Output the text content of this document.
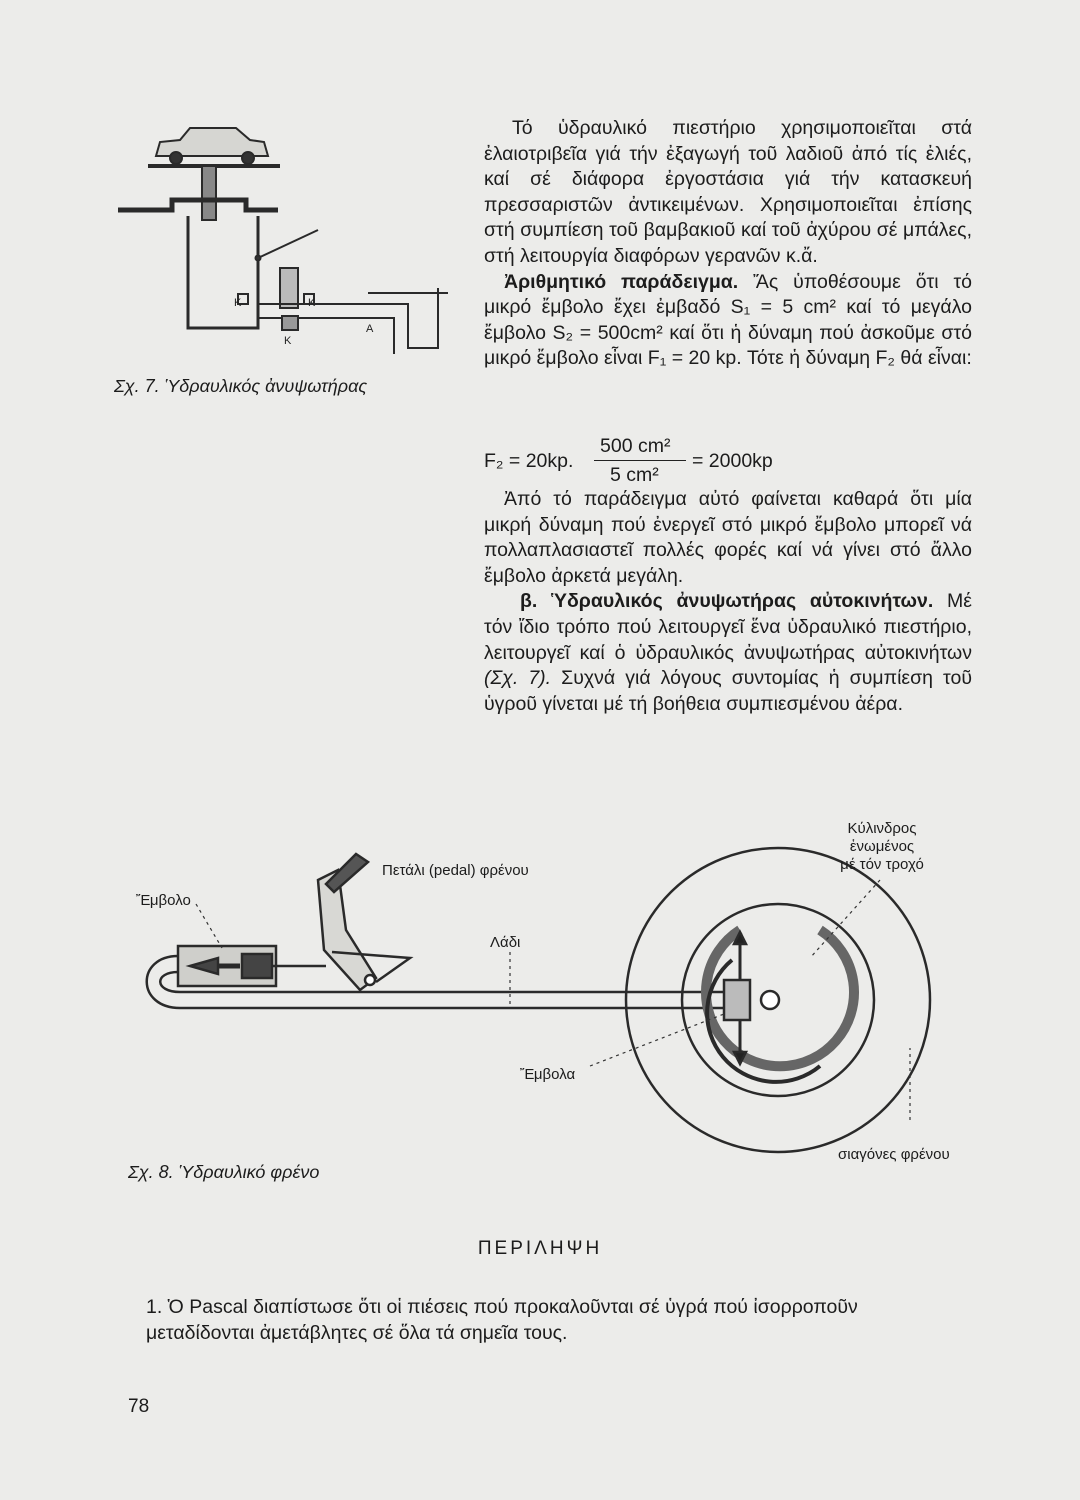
K	K
K
A
Σχ. 7. Ὑδραυλικός ἀνυψωτήρας

Τό ὑδραυλικό πιεστήριο χρησιμοποιεῖται στά ἐλαιοτριβεῖα γιά τήν ἐξαγωγή τοῦ λαδιοῦ ἀπό τίς ἐλιές, καί σέ διάφορα ἐργοστάσια γιά τήν κατασκευή πρεσσαριστῶν ἀντικειμένων. Χρησιμοποιεῖται ἐπίσης στή συμπίεση τοῦ βαμβακιοῦ καί τοῦ ἀχύρου σέ μπάλες, στή λειτουργία διαφόρων γερανῶν κ.ἄ.

Ἀριθμητικό παράδειγμα. Ἄς ὑποθέσουμε ὅτι τό μικρό ἔμβολο ἔχει ἐμβαδό S₁ = 5 cm² καί τό μεγάλο ἔμβολο S₂ = 500cm² καί ὅτι ἡ δύναμη πού ἀσκοῦμε στό μικρό ἔμβολο εἶναι F₁ = 20 kp. Τότε ἡ δύναμη F₂ θά εἶναι:

F₂ = 20kp.
500 cm²
5 cm²
= 2000kp

Ἀπό τό παράδειγμα αὐτό φαίνεται καθαρά ὅτι μία μικρή δύναμη πού ἐνεργεῖ στό μικρό ἔμβολο μπορεῖ νά πολλαπλασιαστεῖ πολλές φορές καί νά γίνει στό ἄλλο ἔμβολο ἀρκετά μεγάλη.

β. Ὑδραυλικός ἀνυψωτήρας αὐτοκινήτων. Μέ τόν ἴδιο τρόπο πού λειτουργεῖ ἕνα ὑδραυλικό πιεστήριο, λειτουργεῖ καί ὁ ὑδραυλικός ἀνυψωτήρας αὐτοκινήτων (Σχ. 7). Συχνά γιά λόγους συντομίας ἡ συμπίεση τοῦ ὑγροῦ γίνεται μέ τή βοήθεια συμπιεσμένου ἀέρα.

Κύλινδρος
ἑνωμένος
μέ τόν τροχό
Πετάλι (pedal) φρένου
Ἔμβολο
Λάδι
Ἔμβολα
σιαγόνες φρένου
Σχ. 8. Ὑδραυλικό φρένο
ΠΕΡΙΛΗΨΗ
1. Ὁ Pascal διαπίστωσε ὅτι οἱ πιέσεις πού προκαλοῦνται σέ ὑγρά πού ἰσορροποῦν μεταδίδονται ἀμετάβλητες σέ ὅλα τά σημεῖα τους.
78
